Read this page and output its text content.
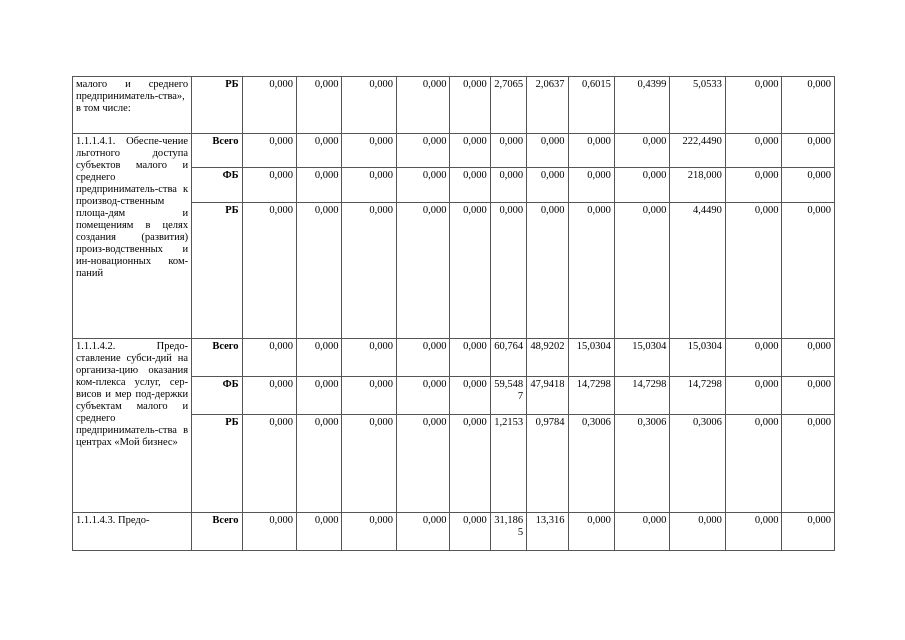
малого и среднего предприниматель-ства», в том числе:	РБ	0,000	0,000	0,000	0,000	0,000	2,7065	2,0637	0,6015	0,4399	5,0533	0,000	0,000
1.1.1.4.1. Обеспе-чение льготного доступа субъектов малого и среднего предприниматель-ства к производ-ственным площа-дям и помещениям в целях создания (развития) произ-водственных и ин-новационных ком-паний	Всего	0,000	0,000	0,000	0,000	0,000	0,000	0,000	0,000	0,000	222,4490	0,000	0,000
	ФБ	0,000	0,000	0,000	0,000	0,000	0,000	0,000	0,000	0,000	218,000	0,000	0,000
	РБ	0,000	0,000	0,000	0,000	0,000	0,000	0,000	0,000	0,000	4,4490	0,000	0,000
1.1.1.4.2. Предо-ставление субси-дий на организа-цию оказания ком-плекса услуг, сер-висов и мер под-держки субъектам малого и среднего предприниматель-ства в центрах «Мой бизнес»	Всего	0,000	0,000	0,000	0,000	0,000	60,764	48,9202	15,0304	15,0304	15,0304	0,000	0,000
	ФБ	0,000	0,000	0,000	0,000	0,000	59,5487	47,9418	14,7298	14,7298	14,7298	0,000	0,000
	РБ	0,000	0,000	0,000	0,000	0,000	1,2153	0,9784	0,3006	0,3006	0,3006	0,000	0,000
1.1.1.4.3. Предо-	Всего	0,000	0,000	0,000	0,000	0,000	31,1865	13,316	0,000	0,000	0,000	0,000	0,000
